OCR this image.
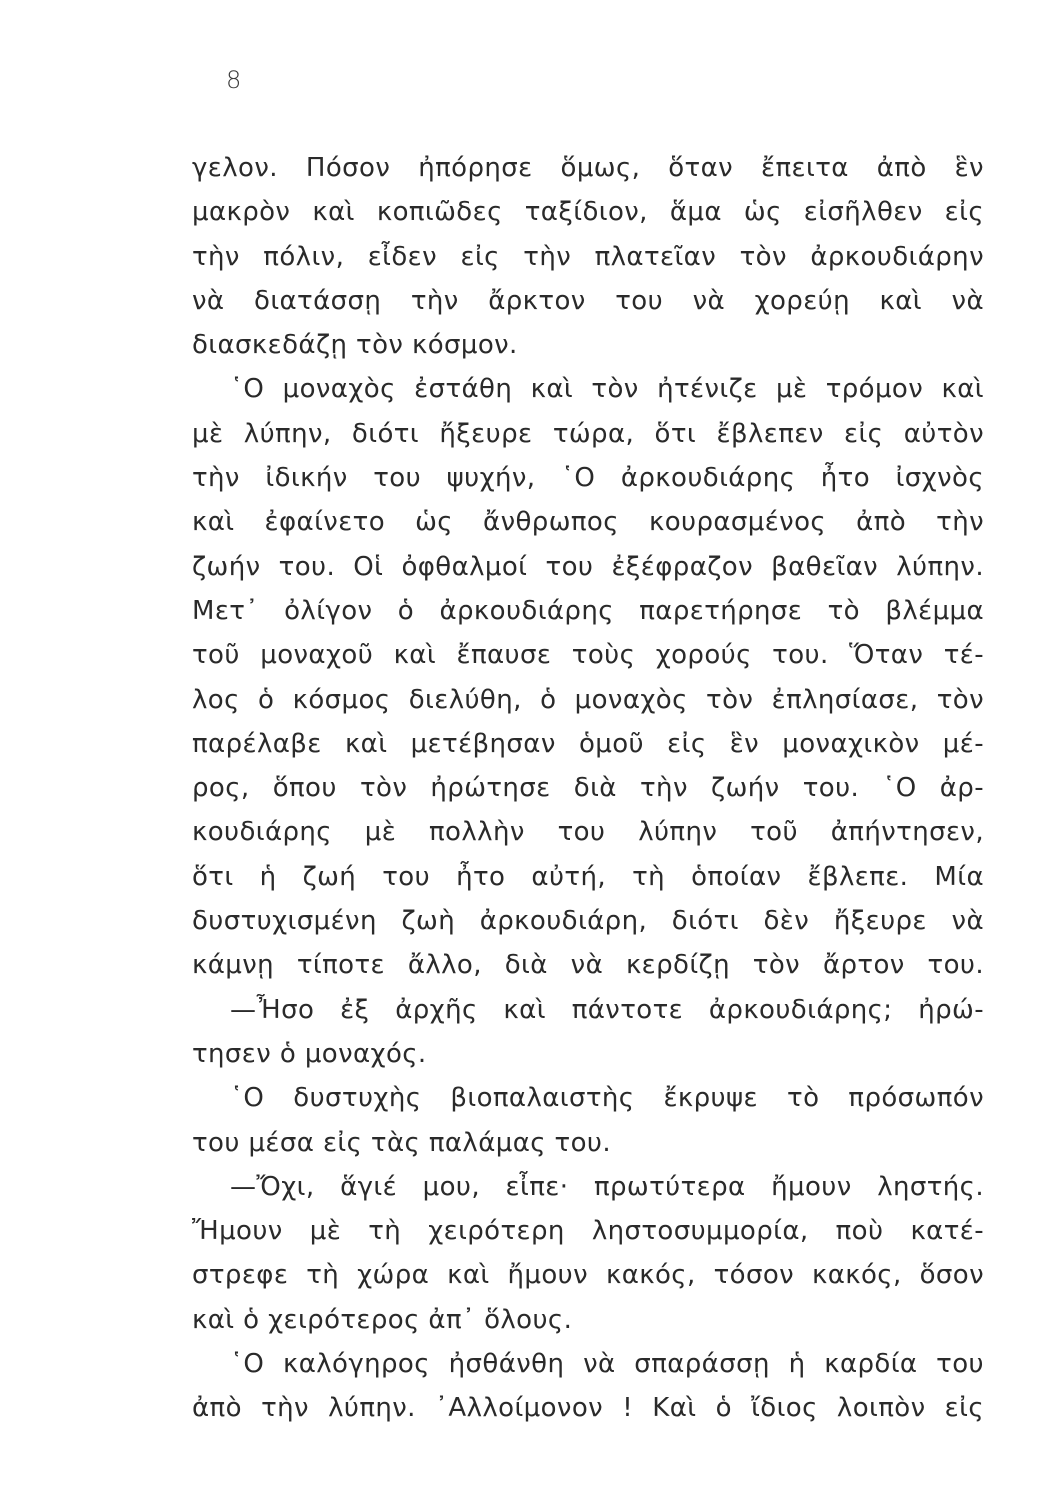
8
γελον. Πόσον ἠπόρησε ὅμως, ὅταν ἔπειτα ἀπὸ ἓν
μακρὸν καὶ κοπιῶδες ταξίδιον, ἅμα ὡς εἰσῆλθεν εἰς
τὴν πόλιν, εἶδεν εἰς τὴν πλατεῖαν τὸν ἀρκουδιάρην
νὰ διατάσσῃ τὴν ἄρκτον του νὰ χορεύῃ καὶ νὰ
διασκεδάζῃ τὸν κόσμον.
῾Ο μοναχὸς ἐστάθη καὶ τὸν ἠτένιζε μὲ τρόμον καὶ
μὲ λύπην, διότι ἤξευρε τώρα, ὅτι ἔβλεπεν εἰς αὐτὸν
τὴν ἰδικήν του ψυχήν, ῾Ο ἀρκουδιάρης ἦτο ἰσχνὸς
καὶ ἐφαίνετο ὡς ἄνθρωπος κουρασμένος ἀπὸ τὴν
ζωήν του. Οἱ ὀφθαλμοί του ἐξέφραζον βαθεῖαν λύπην.
Μετ᾽ ὀλίγον ὁ ἀρκουδιάρης παρετήρησε τὸ βλέμμα
τοῦ μοναχοῦ καὶ ἔπαυσε τοὺς χορούς του. Ὅταν τέ-
λος ὁ κόσμος διελύθη, ὁ μοναχὸς τὸν ἐπλησίασε, τὸν
παρέλαβε καὶ μετέβησαν ὁμοῦ εἰς ἓν μοναχικὸν μέ-
ρος, ὅπου τὸν ἠρώτησε διὰ τὴν ζωήν του. ῾Ο ἀρ-
κουδιάρης μὲ πολλὴν του λύπην τοῦ ἀπήντησεν,
ὅτι ἡ ζωή του ἦτο αὐτή, τὴ ὁποίαν ἔβλεπε. Μία
δυστυχισμένη ζωὴ ἀρκουδιάρη, διότι δὲν ἤξευρε νὰ
κάμνῃ τίποτε ἄλλο, διὰ νὰ κερδίζῃ τὸν ἄρτον του.
—Ἦσο ἐξ ἀρχῆς καὶ πάντοτε ἀρκουδιάρης; ἠρώ-
τησεν ὁ μοναχός.
῾Ο δυστυχὴς βιοπαλαιστὴς ἔκρυψε τὸ πρόσωπόν
του μέσα εἰς τὰς παλάμας του.
—Ὄχι, ἅγιέ μου, εἶπε· πρωτύτερα ἤμουν ληστής.
Ἤμουν μὲ τὴ χειρότερη ληστοσυμμορία, ποὺ κατέ-
στρεφε τὴ χώρα καὶ ἤμουν κακός, τόσον κακός, ὅσον
καὶ ὁ χειρότερος ἀπ᾽ ὅλους.
῾Ο καλόγηρος ἠσθάνθη νὰ σπαράσσῃ ἡ καρδία του
ἀπὸ τὴν λύπην. ᾽Αλλοίμονον ! Καὶ ὁ ἴδιος λοιπὸν εἰς
